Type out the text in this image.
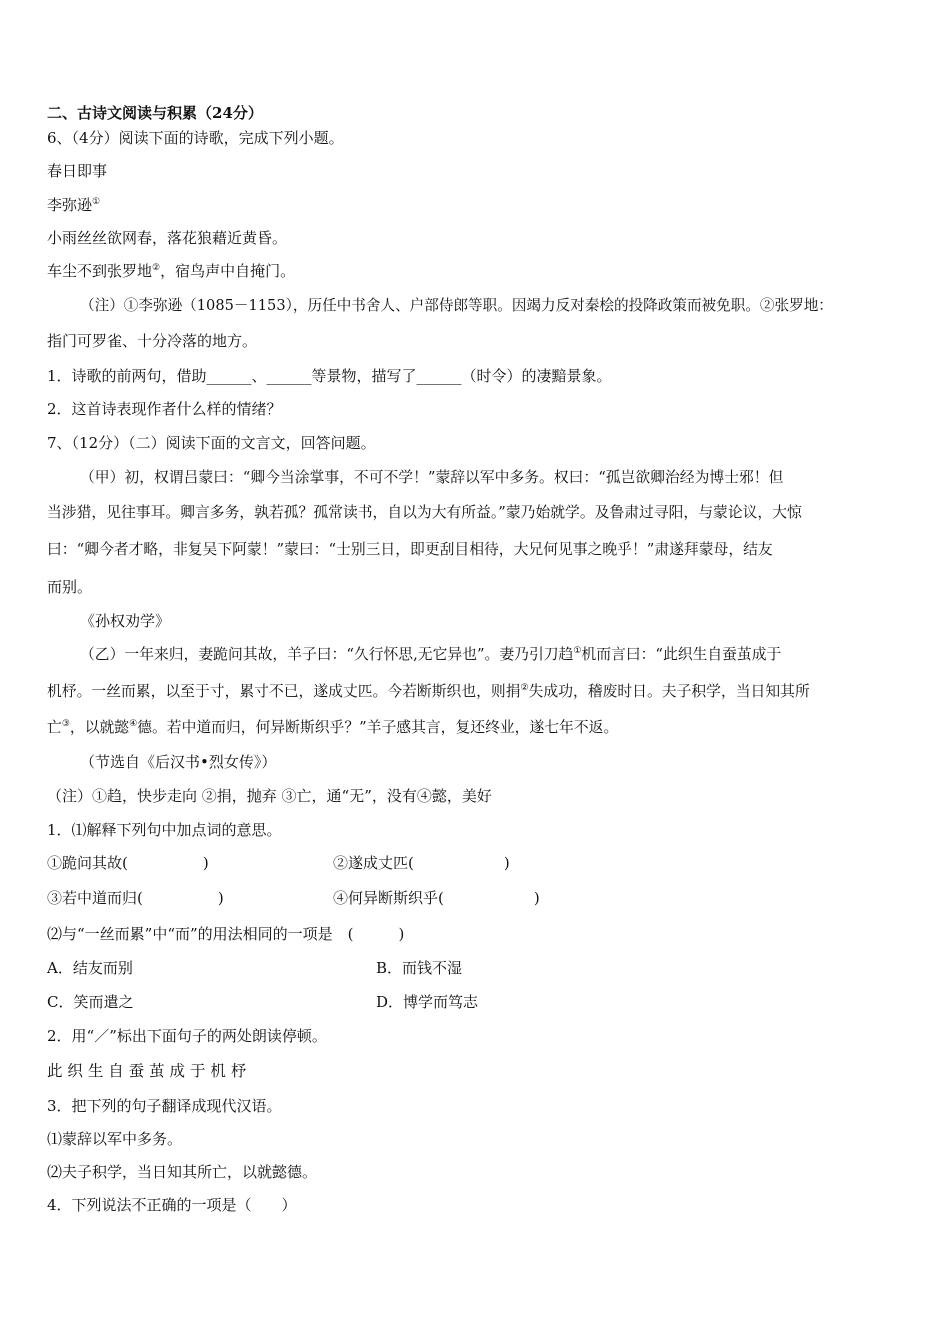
二、古诗文阅读与积累（24分）
6、（4分）阅读下面的诗歌，完成下列小题。
春日即事
李弥逊①
小雨丝丝欲网春，落花狼藉近黄昏。
车尘不到张罗地②，宿鸟声中自掩门。
（注）①李弥逊（1085－1153），历任中书舍人、户部侍郎等职。因竭力反对秦桧的投降政策而被免职。②张罗地：
指门可罗雀、十分冷落的地方。
1．诗歌的前两句，借助______、______等景物，描写了______（时令）的凄黯景象。
2．这首诗表现作者什么样的情绪？
7、（12分）（二）阅读下面的文言文，回答问题。
（甲）初，权谓吕蒙曰：“卿今当涂掌事，不可不学！”蒙辞以军中多务。权曰：“孤岂欲卿治经为博士邪！但
当涉猎，见往事耳。卿言多务，孰若孤？孤常读书，自以为大有所益。”蒙乃始就学。及鲁肃过寻阳，与蒙论议，大惊
曰：“卿今者才略，非复吴下阿蒙！”蒙曰：“士别三日，即更刮目相待，大兄何见事之晚乎！”肃遂拜蒙母，结友
而别。
《孙权劝学》
（乙）一年来归，妻跪问其故，羊子曰：“久行怀思,无它异也”。妻乃引刀趋①机而言曰：“此织生自蚕茧成于
机杼。一丝而累，以至于寸，累寸不已，遂成丈匹。今若断斯织也，则捐②失成功，稽废时日。夫子积学，当日知其所
亡③，以就懿④德。若中道而归，何异断斯织乎？”羊子感其言，复还终业，遂七年不返。
（节选自《后汉书•烈女传》）
（注）①趋，快步走向 ②捐，抛弃 ③亡，通“无”，没有④懿，美好
1．⑴解释下列句中加点词的意思。
①跪问其故(　　　　　)	②遂成丈匹(　　　　　　)
③若中道而归(　　　　　)	④何异断斯织乎(　　　　　　)
⑵与“一丝而累”中“而”的用法相同的一项是　(　　　)
A．结友而别	B．而钱不湿
C．笑而遣之	D．博学而笃志
2．用“／”标出下面句子的两处朗读停顿。
此 织 生 自 蚕 茧 成 于 机 杼
3．把下列的句子翻译成现代汉语。
⑴蒙辞以军中多务。
⑵夫子积学，当日知其所亡，以就懿德。
4．下列说法不正确的一项是（　　）
